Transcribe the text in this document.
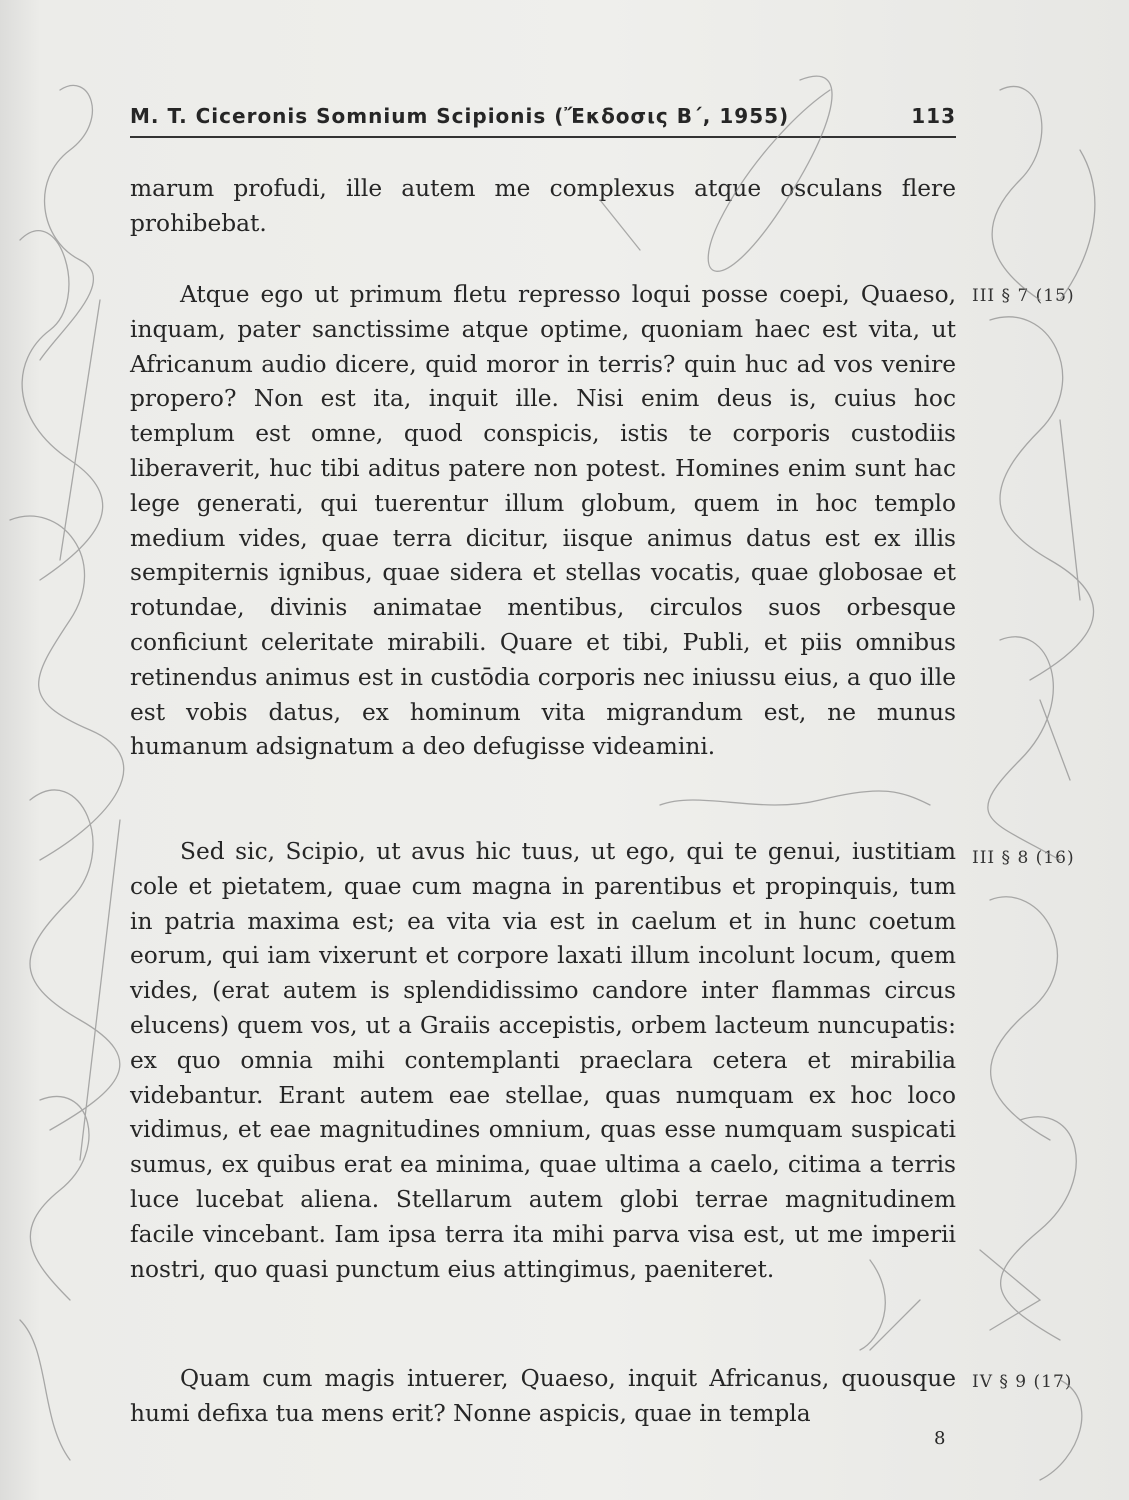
M. T. Ciceronis Somnium Scipionis (Ἔκδοσις Β΄, 1955)	113

marum profudi, ille autem me complexus atque osculans flere prohibebat.

Atque ego ut primum fletu represso loqui posse coepi, Quaeso, inquam, pater sanctissime atque optime, quoniam haec est vita, ut Africanum audio dicere, quid moror in terris? quin huc ad vos venire propero? Non est ita, inquit ille. Nisi enim deus is, cuius hoc templum est omne, quod conspicis, istis te corporis custodiis liberaverit, huc tibi aditus patere non potest. Homines enim sunt hac lege generati, qui tuerentur illum globum, quem in hoc templo medium vides, quae terra dicitur, iisque animus datus est ex illis sempiternis ignibus, quae sidera et stellas vocatis, quae globosae et rotundae, divinis animatae mentibus, circulos suos orbesque conficiunt celeritate mirabili. Quare et tibi, Publi, et piis omnibus retinendus animus est in custōdia corporis nec iniussu eius, a quo ille est vobis datus, ex hominum vita migrandum est, ne munus humanum adsignatum a deo defugisse videamini.

III § 7 (15)

Sed sic, Scipio, ut avus hic tuus, ut ego, qui te genui, iustitiam cole et pietatem, quae cum magna in parentibus et propinquis, tum in patria maxima est; ea vita via est in caelum et in hunc coetum eorum, qui iam vixerunt et corpore laxati illum incolunt locum, quem vides, (erat autem is splendidissimo candore inter flammas circus elucens) quem vos, ut a Graiis accepistis, orbem lacteum nuncupatis: ex quo omnia mihi contemplanti praeclara cetera et mirabilia videbantur. Erant autem eae stellae, quas numquam ex hoc loco vidimus, et eae magnitudines omnium, quas esse numquam suspicati sumus, ex quibus erat ea minima, quae ultima a caelo, citima a terris luce lucebat aliena. Stellarum autem globi terrae magnitudinem facile vincebant. Iam ipsa terra ita mihi parva visa est, ut me imperii nostri, quo quasi punctum eius attingimus, paeniteret.

III § 8 (16)

Quam cum magis intuerer, Quaeso, inquit Africanus, quousque humi defixa tua mens erit? Nonne aspicis, quae in templa

IV § 9 (17)
8
